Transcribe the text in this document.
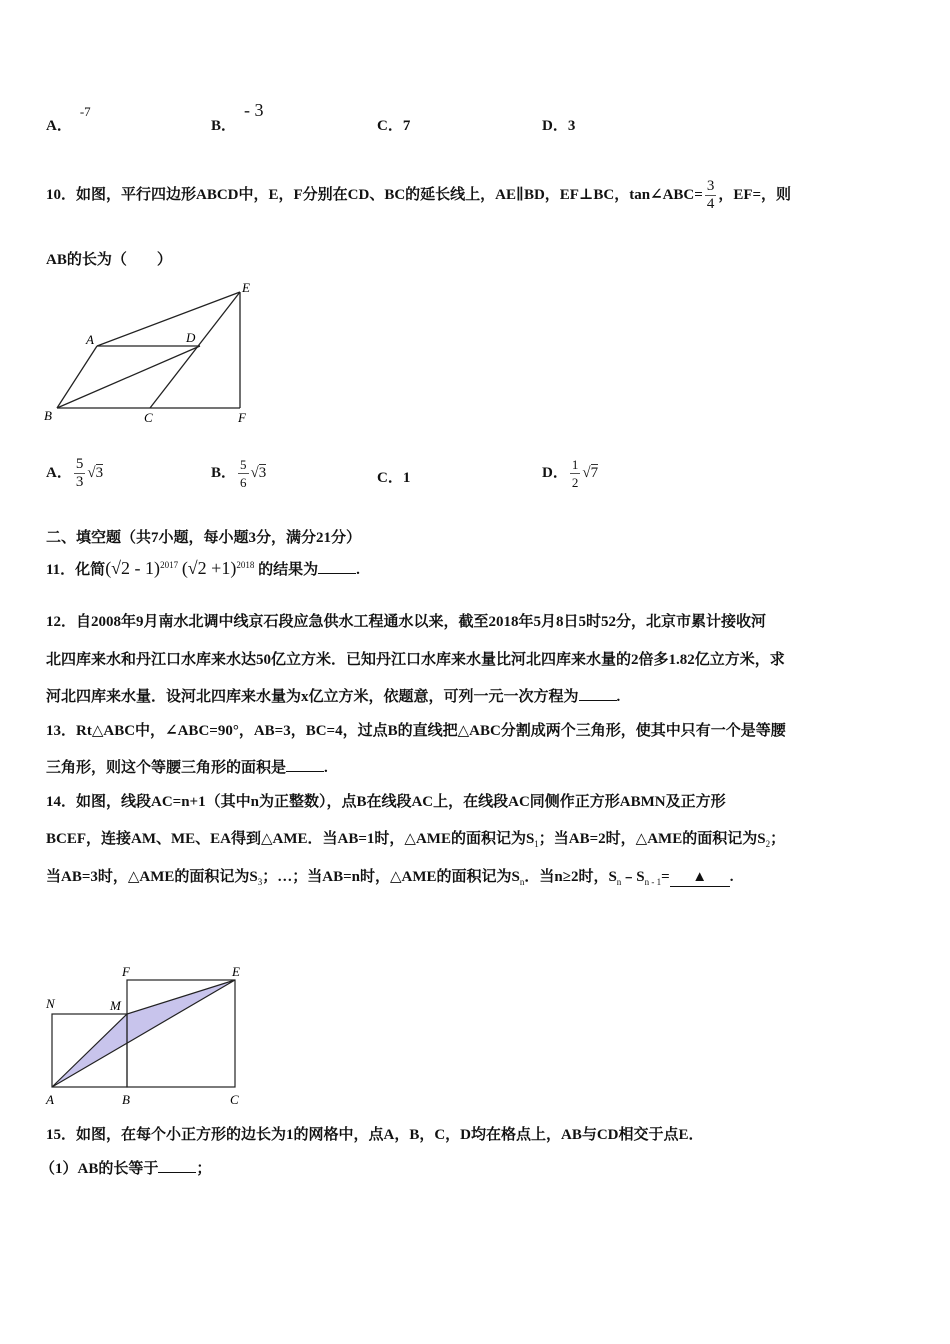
A．-7
B．- 3
C．7	D．3
10．如图，平行四边形ABCD中，E，F分别在CD、BC的延长线上，AE∥BD，EF⊥BC，tan∠ABC= $\frac{3}{4}$ ，EF=，则
AB的长为（　　）
A	D
E
B	C	F
A． $\frac{5}{3} √3$	B． $\frac{5}{6} √3$	C．1	D． $\frac{1}{2} √7$
二、填空题（共7小题，每小题3分，满分21分）
11．化简(√2 - 1)$^{2017}$ $(√2 +1)^{2018}$ 的结果为	.
12．自2008年9月南水北调中线京石段应急供水工程通水以来，截至2018年5月8日5时52分，北京市累计接收河
北四库来水和丹江口水库来水达50亿立方米．已知丹江口水库来水量比河北四库来水量的2倍多1.82亿立方米，求
河北四库来水量．设河北四库来水量为x亿立方米，依题意，可列一元一次方程为	.
13．Rt△ABC中，∠ABC=90°，AB=3，BC=4，过点B的直线把△ABC分割成两个三角形，使其中只有一个是等腰
三角形，则这个等腰三角形的面积是	.
14．如图，线段AC=n+1（其中n为正整数），点B在线段AC上，在线段AC同侧作正方形ABMN及正方形
BCEF，连接AM、ME、EA得到△AME．当AB=1时，△AME的面积记为$S_1$；当AB=2时，△AME的面积记为$S_2$；
当AB=3时，△AME的面积记为$S_3$；…；当AB=n时，△AME的面积记为$S_n$．当n≥2时，$S_n﹣S_{n - 1}=$ ▲ .
N	M
F	E
A	B	C
15．如图，在每个小正方形的边长为1的网格中，点A，B，C，D均在格点上，AB与CD相交于点E．
（1）AB的长等于	；
